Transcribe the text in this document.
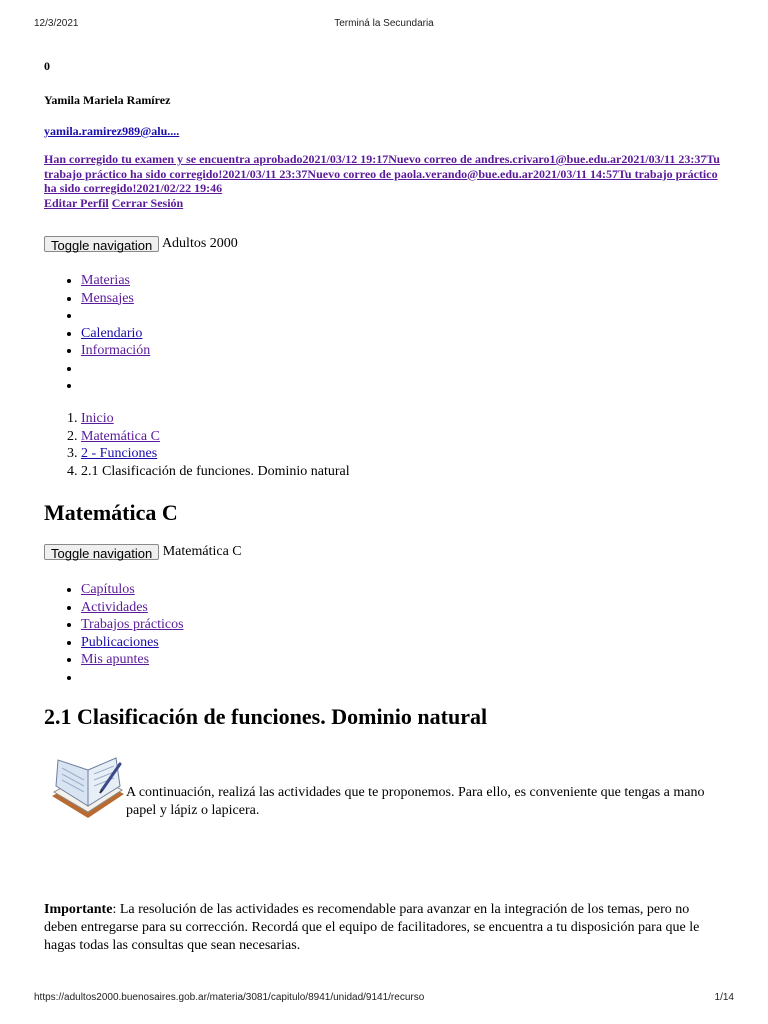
12/3/2021	Terminá la Secundaria
0
Yamila Mariela Ramírez
yamila.ramirez989@alu....
Han corregido tu examen y se encuentra aprobado2021/03/12 19:17Nuevo correo de andres.crivaro1@bue.edu.ar2021/03/11 23:37Tu trabajo práctico ha sido corregido!2021/03/11 23:37Nuevo correo de paola.verando@bue.edu.ar2021/03/11 14:57Tu trabajo práctico ha sido corregido!2021/02/22 19:46
Editar Perfil Cerrar Sesión
Toggle navigation Adultos 2000
• Materias
• Mensajes
•
• Calendario
• Información
•
•
1. Inicio
2. Matemática C
3. 2 - Funciones
4. 2.1 Clasificación de funciones. Dominio natural
Matemática C
Toggle navigation Matemática C
• Capítulos
• Actividades
• Trabajos prácticos
• Publicaciones
• Mis apuntes
•
2.1 Clasificación de funciones. Dominio natural
A continuación, realizá las actividades que te proponemos. Para ello, es conveniente que tengas a mano papel y lápiz o lapicera.
Importante: La resolución de las actividades es recomendable para avanzar en la integración de los temas, pero no deben entregarse para su corrección. Recordá que el equipo de facilitadores, se encuentra a tu disposición para que le hagas todas las consultas que sean necesarias.
https://adultos2000.buenosaires.gob.ar/materia/3081/capitulo/8941/unidad/9141/recurso	1/14
